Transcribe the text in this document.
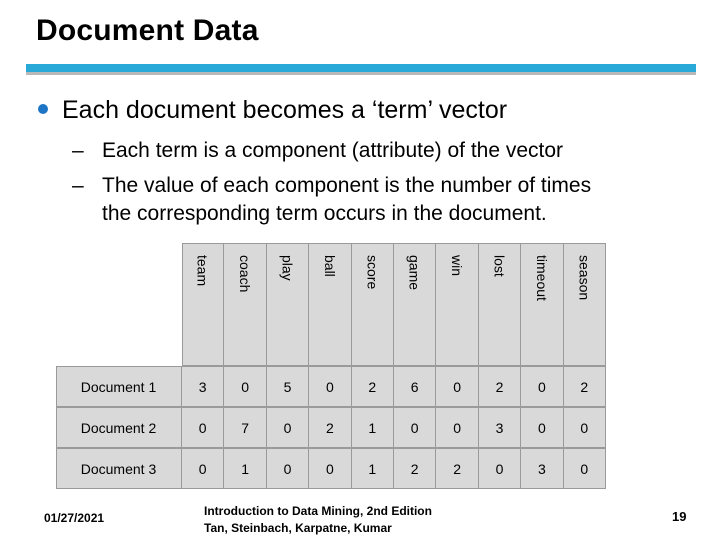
Document Data
Each document becomes a ‘term’ vector
– Each term is a component (attribute) of the vector
– The value of each component is the number of times
the corresponding term occurs in the document.
team coach play ball score game win lost timeout season
Document 1	3	0	5	0	2	6	0	2	0	2
Document 2	0	7	0	2	1	0	0	3	0	0
Document 3	0	1	0	0	1	2	2	0	3	0
01/27/2021	Introduction to Data Mining, 2nd Edition
Tan, Steinbach, Karpatne, Kumar
19
